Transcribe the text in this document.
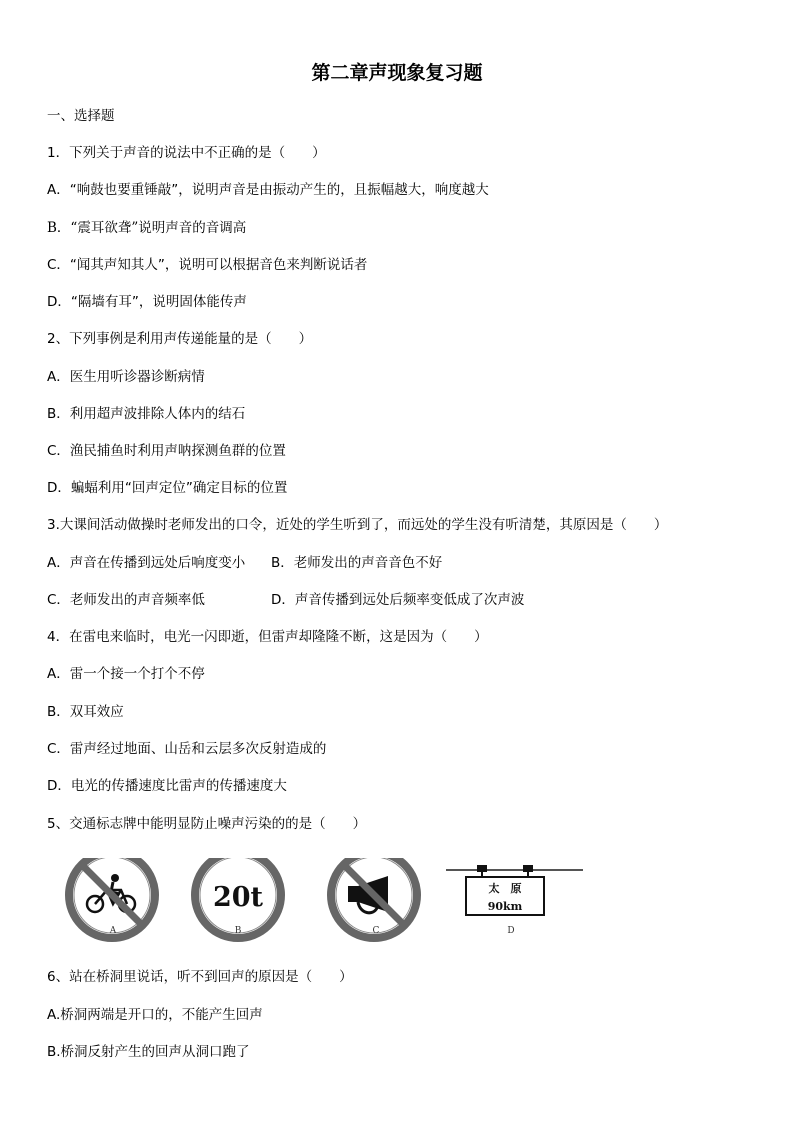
第二章声现象复习题
一、选择题
1．下列关于声音的说法中不正确的是（　　）
A．“响鼓也要重锤敲”，说明声音是由振动产生的，且振幅越大，响度越大
B．“震耳欲聋”说明声音的音调高
C．“闻其声知其人”，说明可以根据音色来判断说话者
D．“隔墙有耳”，说明固体能传声
2、下列事例是利用声传递能量的是（　　）
A．医生用听诊器诊断病情
B．利用超声波排除人体内的结石
C．渔民捕鱼时利用声呐探测鱼群的位置
D．蝙蝠利用“回声定位”确定目标的位置
3.大课间活动做操时老师发出的口令，近处的学生听到了，而远处的学生没有听清楚，其原因是（　　）
A．声音在传播到远处后响度变小 B．老师发出的声音音色不好
C．老师发出的声音频率低	D．声音传播到远处后频率变低成了次声波
4．在雷电来临时，电光一闪即逝，但雷声却隆隆不断，这是因为（　　）
A．雷一个接一个打个不停
B．双耳效应
C．雷声经过地面、山岳和云层多次反射造成的
D．电光的传播速度比雷声的传播速度大
5、交通标志牌中能明显防止噪声污染的的是（　　）
20t	太　原
90km
A	B	C	D
6、站在桥洞里说话，听不到回声的原因是（　　）
A.桥洞两端是开口的，不能产生回声
B.桥洞反射产生的回声从洞口跑了
